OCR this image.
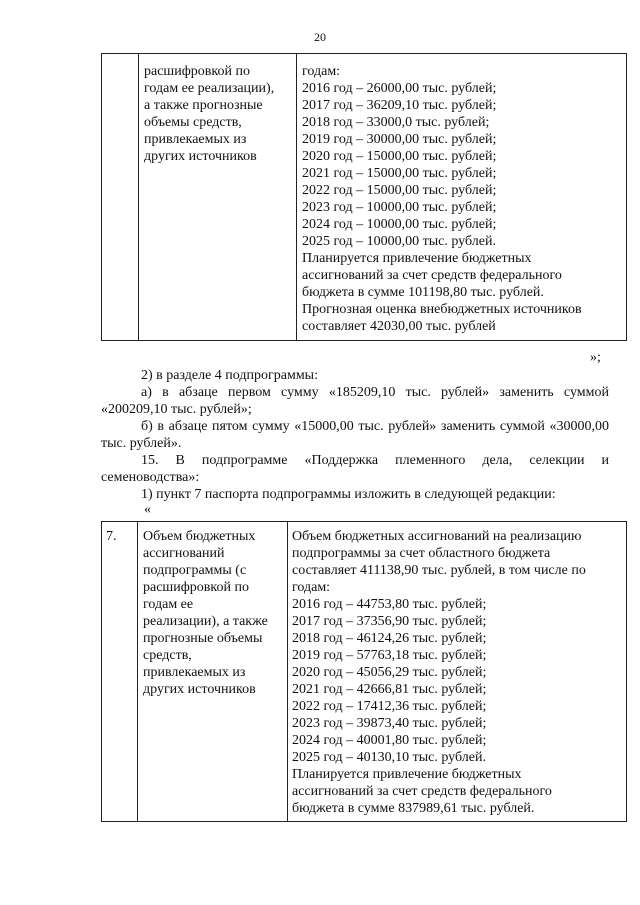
20

расшифровкой по
годам ее реализации),
а также прогнозные
объемы средств,
привлекаемых из
других источников

годам:
2016 год – 26000,00 тыс. рублей;
2017 год – 36209,10 тыс. рублей;
2018 год – 33000,0 тыс. рублей;
2019 год – 30000,00 тыс. рублей;
2020 год – 15000,00 тыс. рублей;
2021 год – 15000,00 тыс. рублей;
2022 год – 15000,00 тыс. рублей;
2023 год – 10000,00 тыс. рублей;
2024 год – 10000,00 тыс. рублей;
2025 год – 10000,00 тыс. рублей.
Планируется привлечение бюджетных
ассигнований за счет средств федерального
бюджета в сумме 101198,80 тыс. рублей.
Прогнозная оценка внебюджетных источников
составляет 42030,00 тыс. рублей
»;

2) в разделе 4 подпрограммы:

а) в абзаце первом сумму «185209,10 тыс. рублей» заменить суммой «200209,10 тыс. рублей»;

б) в абзаце пятом сумму «15000,00 тыс. рублей» заменить суммой «30000,00 тыс. рублей».

15. В подпрограмме «Поддержка племенного дела, селекции и семеноводства»:

1) пункт 7 паспорта подпрограммы изложить в следующей редакции:

«
7.	Объем бюджетных
ассигнований
подпрограммы (с
расшифровкой по
годам ее
реализации), а также
прогнозные объемы
средств,
привлекаемых из
других источников

Объем бюджетных ассигнований на реализацию
подпрограммы за счет областного бюджета
составляет 411138,90 тыс. рублей, в том числе по
годам:
2016 год – 44753,80 тыс. рублей;
2017 год – 37356,90 тыс. рублей;
2018 год – 46124,26 тыс. рублей;
2019 год – 57763,18 тыс. рублей;
2020 год – 45056,29 тыс. рублей;
2021 год – 42666,81 тыс. рублей;
2022 год – 17412,36 тыс. рублей;
2023 год – 39873,40 тыс. рублей;
2024 год – 40001,80 тыс. рублей;
2025 год – 40130,10 тыс. рублей.
Планируется привлечение бюджетных
ассигнований за счет средств федерального
бюджета в сумме 837989,61 тыс. рублей.
